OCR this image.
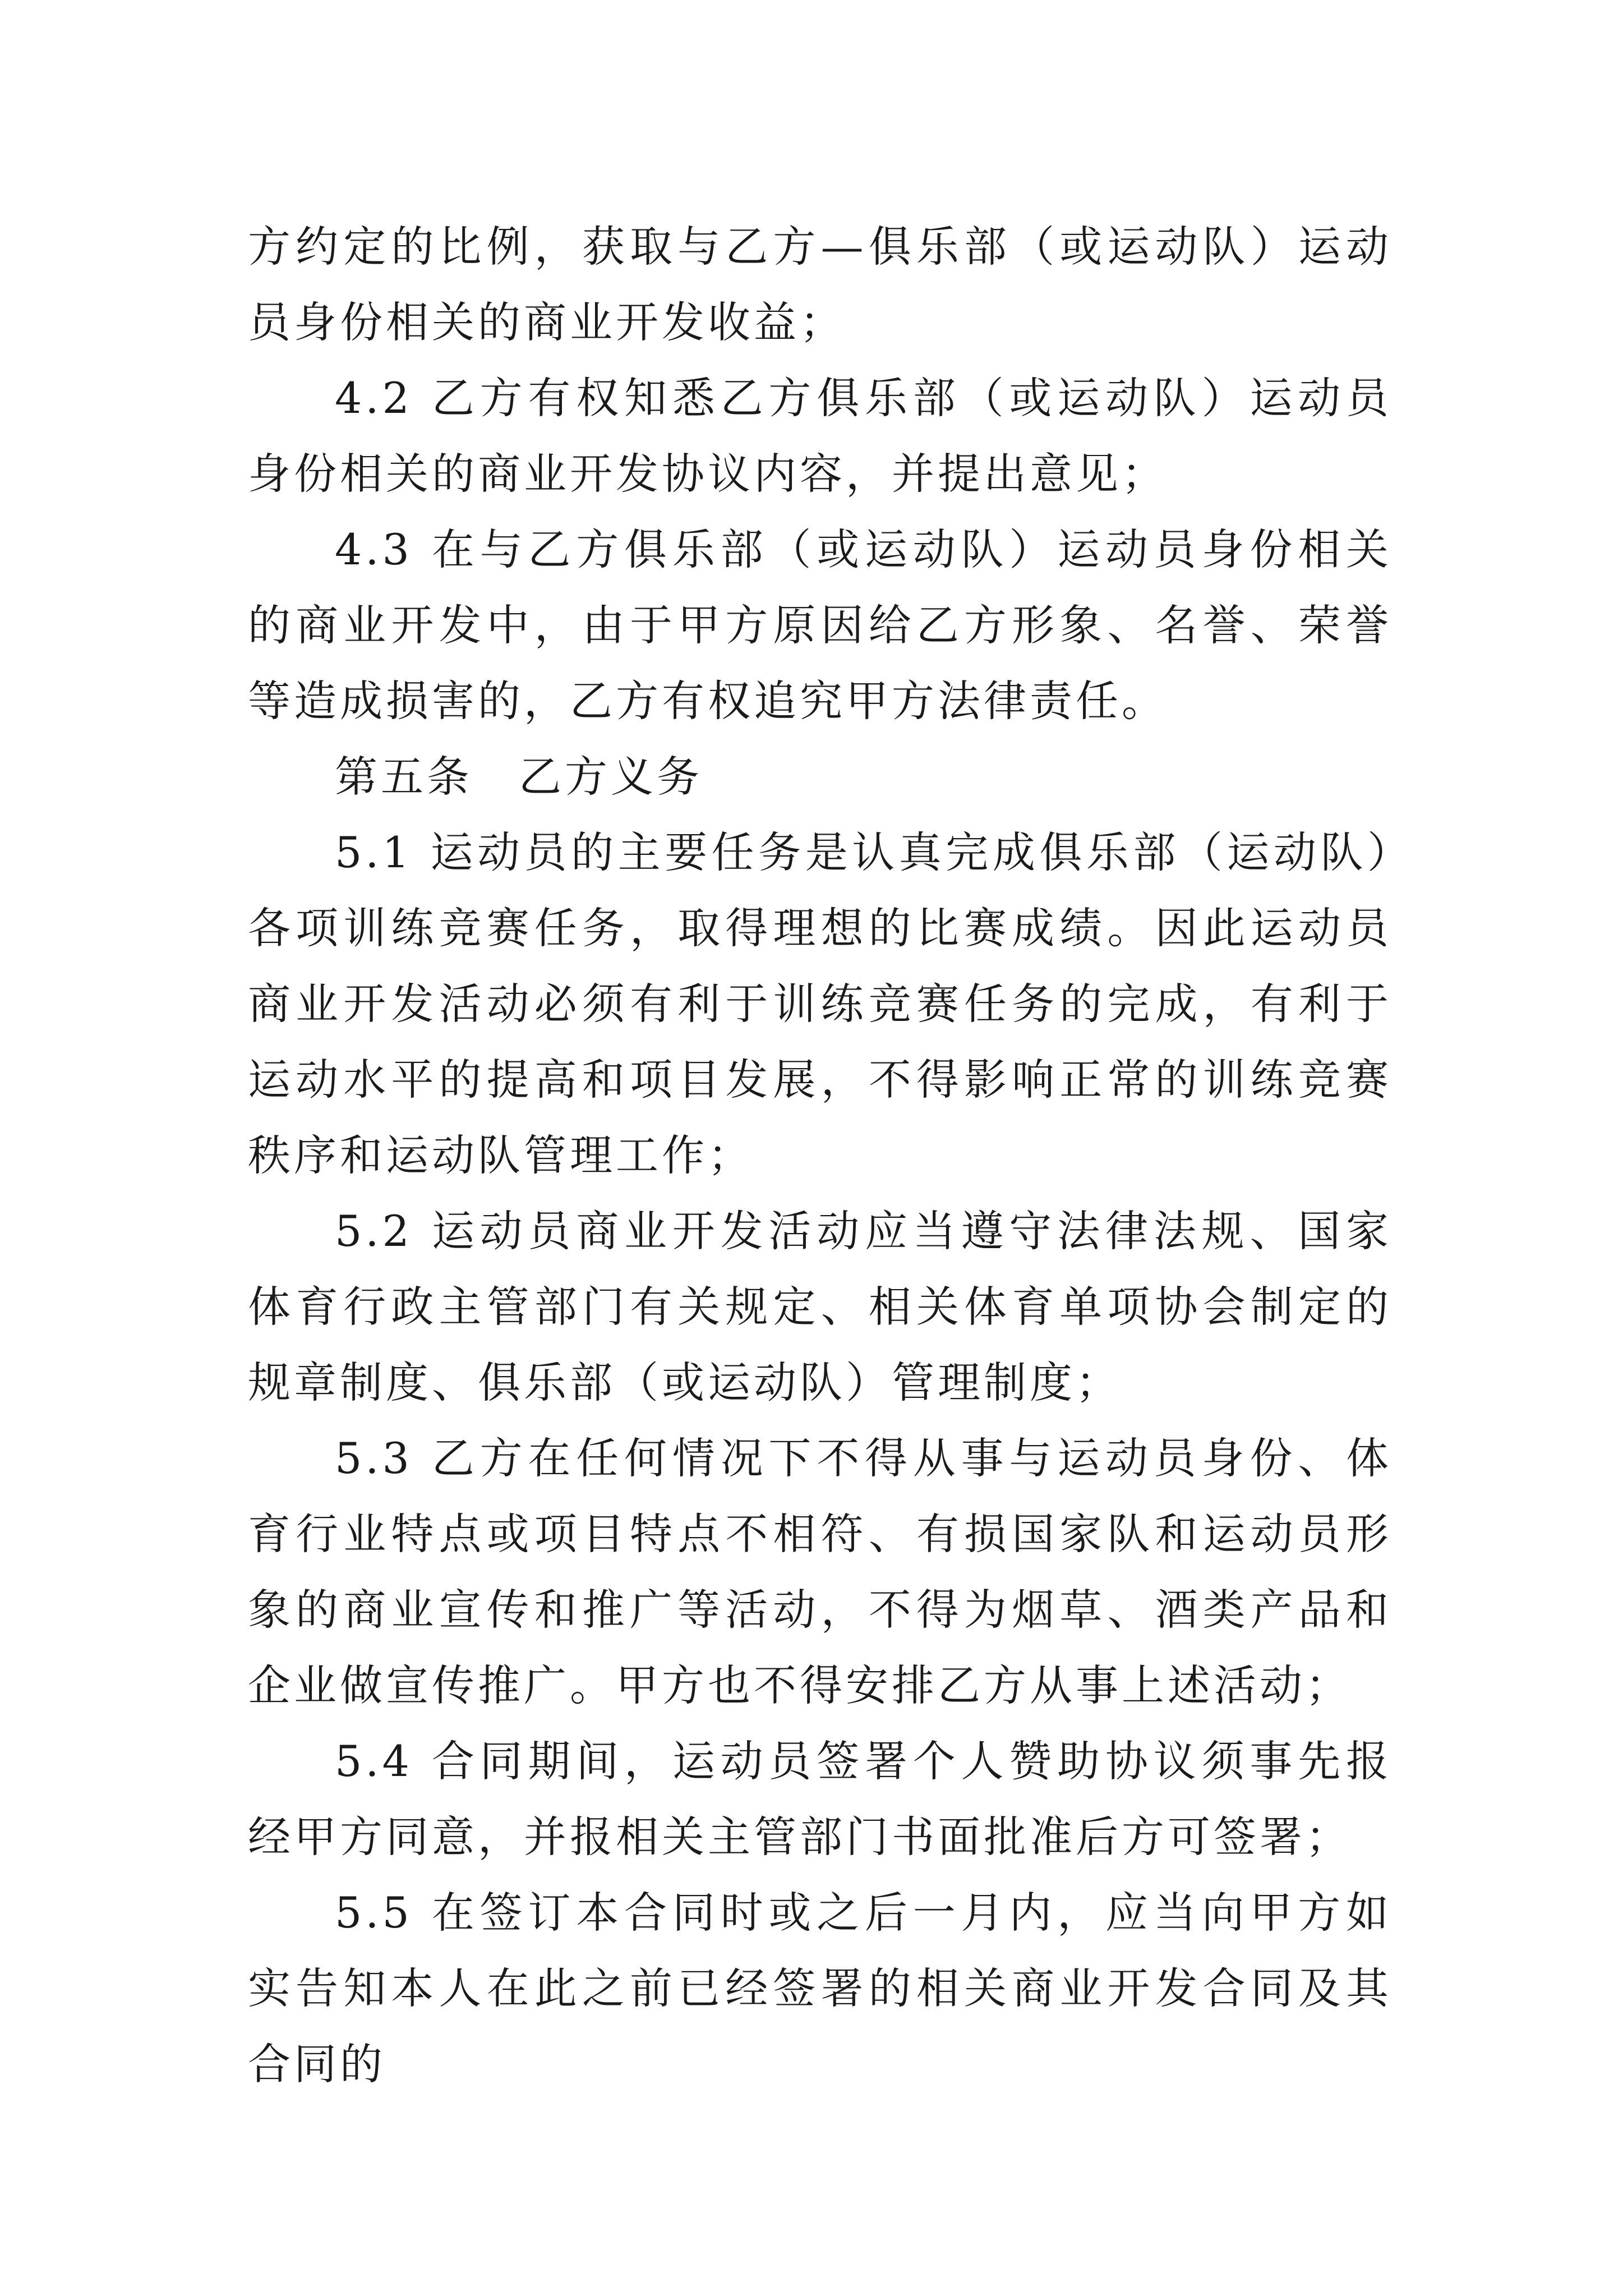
方约定的比例，获取与乙方—俱乐部（或运动队）运动员身份相关的商业开发收益；

4.2 乙方有权知悉乙方俱乐部（或运动队）运动员身份相关的商业开发协议内容，并提出意见；

4.3 在与乙方俱乐部（或运动队）运动员身份相关的商业开发中，由于甲方原因给乙方形象、名誉、荣誉等造成损害的，乙方有权追究甲方法律责任。

第五条　乙方义务

5.1 运动员的主要任务是认真完成俱乐部（运动队）各项训练竞赛任务，取得理想的比赛成绩。因此运动员商业开发活动必须有利于训练竞赛任务的完成，有利于运动水平的提高和项目发展，不得影响正常的训练竞赛秩序和运动队管理工作；

5.2 运动员商业开发活动应当遵守法律法规、国家体育行政主管部门有关规定、相关体育单项协会制定的规章制度、俱乐部（或运动队）管理制度；

5.3 乙方在任何情况下不得从事与运动员身份、体育行业特点或项目特点不相符、有损国家队和运动员形象的商业宣传和推广等活动，不得为烟草、酒类产品和企业做宣传推广。甲方也不得安排乙方从事上述活动；

5.4 合同期间，运动员签署个人赞助协议须事先报经甲方同意，并报相关主管部门书面批准后方可签署；

5.5 在签订本合同时或之后一月内，应当向甲方如实告知本人在此之前已经签署的相关商业开发合同及其合同的
